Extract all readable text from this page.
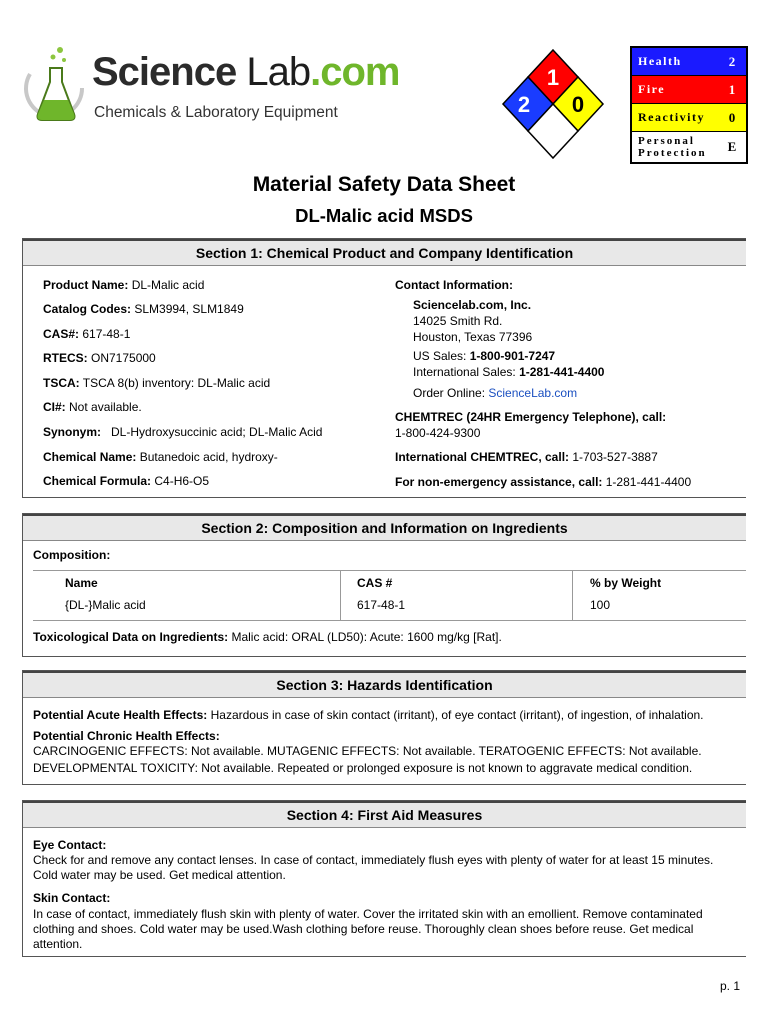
Science Lab.com
Chemicals & Laboratory Equipment
1
2 0
Health	2
Fire	1
Reactivity	0
Personal Protection	E
Material Safety Data Sheet
DL-Malic acid MSDS
Section 1: Chemical Product and Company Identification
Product Name: DL-Malic acid
Catalog Codes: SLM3994, SLM1849
CAS#: 617-48-1
RTECS: ON7175000
TSCA: TSCA 8(b) inventory: DL-Malic acid
CI#: Not available.
Synonym:   DL-Hydroxysuccinic acid; DL-Malic Acid
Chemical Name: Butanedoic acid, hydroxy-
Chemical Formula: C4-H6-O5
Contact Information:
Sciencelab.com, Inc.
14025 Smith Rd.
Houston, Texas 77396
US Sales: 1-800-901-7247
International Sales: 1-281-441-4400
Order Online: ScienceLab.com
CHEMTREC (24HR Emergency Telephone), call:
1-800-424-9300
International CHEMTREC, call: 1-703-527-3887
For non-emergency assistance, call: 1-281-441-4400
Section 2: Composition and Information on Ingredients
Composition:
Name	CAS #	% by Weight
{DL-}Malic acid	617-48-1	100
Toxicological Data on Ingredients: Malic acid: ORAL (LD50): Acute: 1600 mg/kg [Rat].
Section 3: Hazards Identification
Potential Acute Health Effects: Hazardous in case of skin contact (irritant), of eye contact (irritant), of ingestion, of inhalation.
Potential Chronic Health Effects:
CARCINOGENIC EFFECTS: Not available. MUTAGENIC EFFECTS: Not available. TERATOGENIC EFFECTS: Not available.
DEVELOPMENTAL TOXICITY: Not available. Repeated or prolonged exposure is not known to aggravate medical condition.
Section 4: First Aid Measures
Eye Contact:
Check for and remove any contact lenses. In case of contact, immediately flush eyes with plenty of water for at least 15 minutes. Cold water may be used. Get medical attention.
Skin Contact:
In case of contact, immediately flush skin with plenty of water. Cover the irritated skin with an emollient. Remove contaminated clothing and shoes. Cold water may be used.Wash clothing before reuse. Thoroughly clean shoes before reuse. Get medical attention.
p. 1
